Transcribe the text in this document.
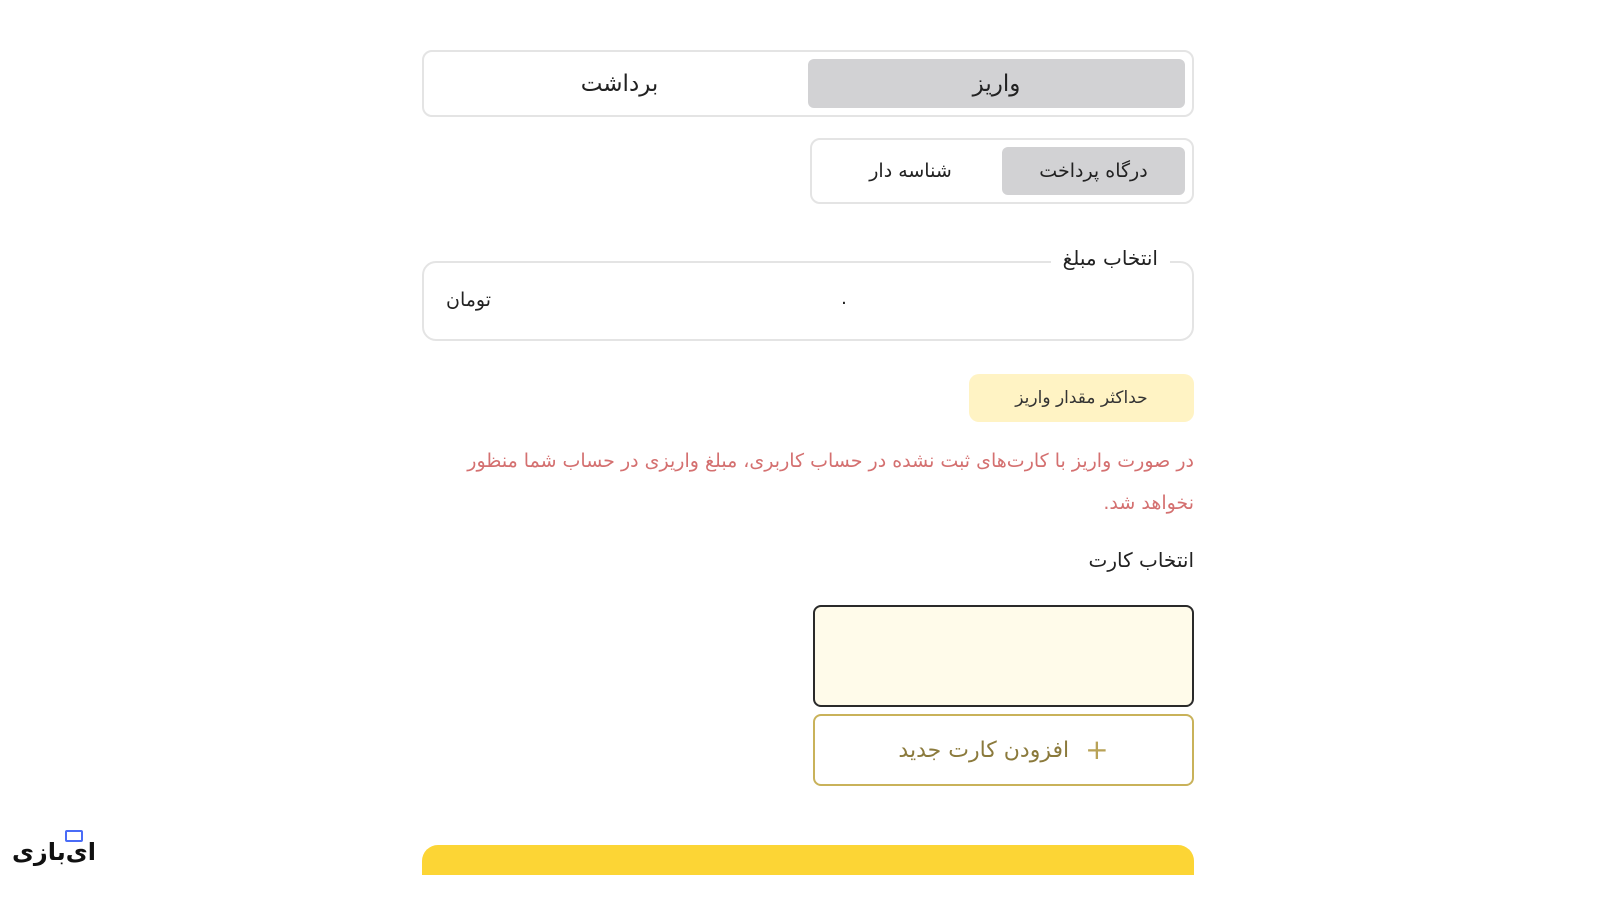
واریز
برداشت
درگاه پرداخت
شناسه دار
انتخاب مبلغ
۰
تومان
حداکثر مقدار واریز

در صورت واریز با کارت‌های ثبت نشده در حساب کاربری، مبلغ واریزی در حساب شما منظور نخواهد شد.

انتخاب کارت
+
افزودن کارت جدید
ای‌بازی
